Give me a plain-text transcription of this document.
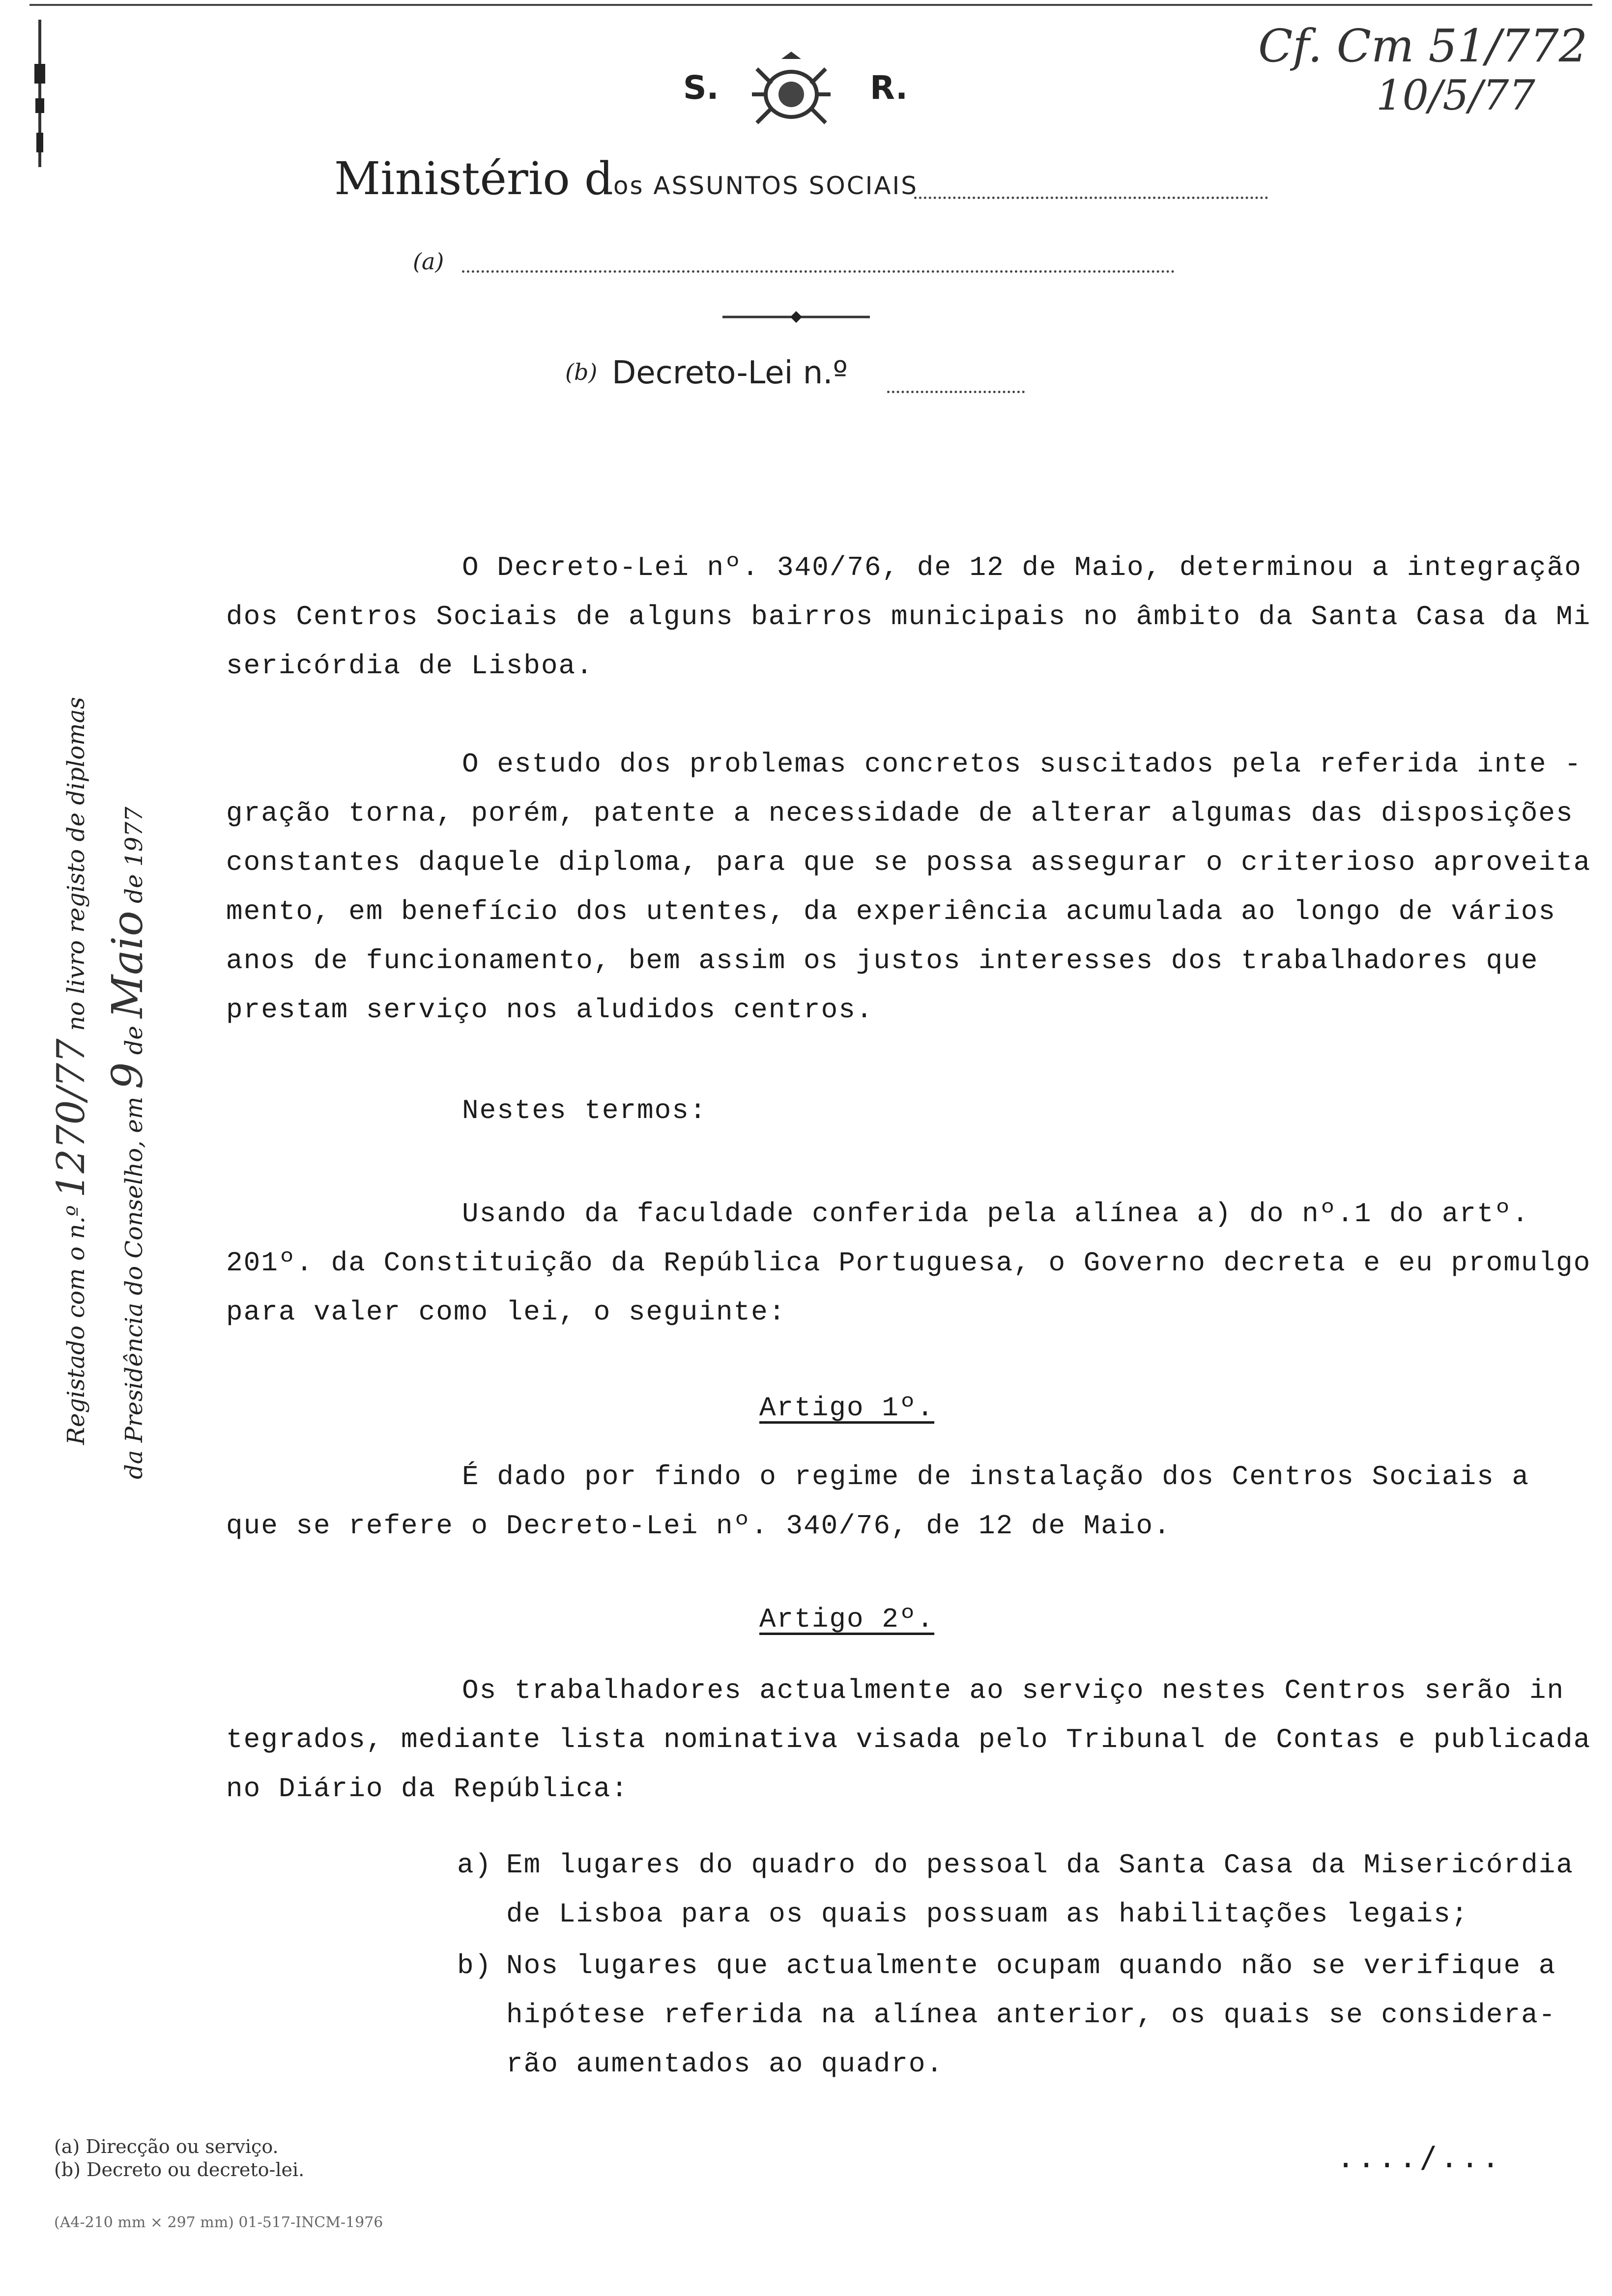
S.	R.
Cf. Cm 51/772
10/5/77
Ministério dos ASSUNTOS SOCIAIS
(a)
(b) Decreto-Lei n.º
Registado com o n.º 1270/77 no livro registo de diplomas
da Presidência do Conselho, em 9 de Maio de 1977
O Decreto-Lei nº. 340/76, de 12 de Maio, determinou a integração
dos Centros Sociais de alguns bairros municipais no âmbito da Santa Casa da Mi
sericórdia de Lisboa.
O estudo dos problemas concretos suscitados pela referida inte -
gração torna, porém, patente a necessidade de alterar algumas das disposições
constantes daquele diploma, para que se possa assegurar o criterioso aproveita
mento, em benefício dos utentes, da experiência acumulada ao longo de vários
anos de funcionamento, bem assim os justos interesses dos trabalhadores que
prestam serviço nos aludidos centros.
Nestes termos:
Usando da faculdade conferida pela alínea a) do nº.1 do artº.
201º. da Constituição da República Portuguesa, o Governo decreta e eu promulgo
para valer como lei, o seguinte:
Artigo 1º.
É dado por findo o regime de instalação dos Centros Sociais a
que se refere o Decreto-Lei nº. 340/76, de 12 de Maio.
Artigo 2º.
Os trabalhadores actualmente ao serviço nestes Centros serão in
tegrados, mediante lista nominativa visada pelo Tribunal de Contas e publicada
no Diário da República:
a) Em lugares do quadro do pessoal da Santa Casa da Misericórdia
de Lisboa para os quais possuam as habilitações legais;
b) Nos lugares que actualmente ocupam quando não se verifique a
hipótese referida na alínea anterior, os quais se considera-
rão aumentados ao quadro.
(a) Direcção ou serviço.
(b) Decreto ou decreto-lei.
(A4-210 mm × 297 mm) 01-517-INCM-1976
..../...
